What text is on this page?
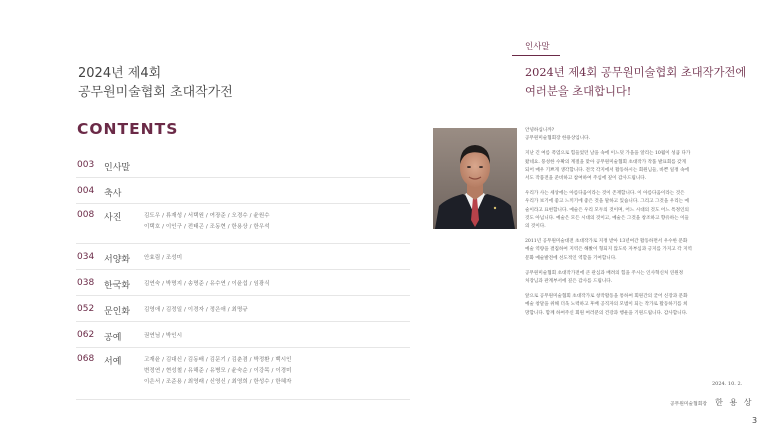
2024년 제4회
공무원미술협회 초대작가전
CONTENTS
003	인사말
004	축사
008	사진	김도우 / 류재성 / 서택원 / 여장준 / 오경수 / 윤원수
이택호 / 이인구 / 전태곤 / 조동현 / 한용상 / 한우석
034	서양화	안효림 / 조성미
038	한국화	김연숙 / 박명지 / 송명준 / 유수연 / 이윤섭 / 임광식
052	문인화	김영애 / 김정일 / 이경자 / 정은애 / 최명규
062	공예	권연님 / 박인시
068	서예	고재윤 / 김대신 / 김동배 / 김문기 / 김춘겸 / 박정환 / 백시인
변정연 / 현성철 / 유해준 / 유병모 / 윤숙순 / 이강목 / 이경미
이은서 / 조준용 / 최영래 / 신영신 / 최영희 / 한성수 / 한혜자
인사말
2024년 제4회 공무원미술협회 초대작가전에
여러분을 초대합니다!

안녕하십니까?
공무원미술협회장 한용상입니다.

지난 긴 여름 폭염으로 힘들었던 날을 속에 이느덧 가을을 알리는 10월이 성큼 다가
왔네요. 풍성한 수확의 계절을 맞아 공무원미술협회 초대작가 작품 발표회를 갖게
되어 매우 기쁘게 생각합니다. 전국 각지에서 활동하시는 회원님들, 바쁜 일정 속에
서도 작품전을 준비하고 참여하여 주심에 깊이 감사드립니다.

우리가 사는 세상에는 아름다움이라는 것이 존재합니다. 이 아름다움이라는 것은
우리가 보기에 좋고 느끼기에 좋은 것을 말하고 있습니다. 그리고 그것을 우리는 예
술이라고 표현합니다. 예술은 우리 모두의 것이며, 어느 시대의 것도 어느 특정인의
것도 아닙니다. 예술은 모든 시대의 것이고, 예술은 그것을 창조하고 향유하는 이들
의 것이다.

2011년 공무원미술대전 초대작가로 지정 받아 13년여간 활동하면서 우수한 문화
예술 역량을 결집하여 지역은 해봤이 형되지 않도록 자부심과 긍지를 가지고 각 지역
문화 예술발전에 선도적인 역할을 기여합니다.

공무원미술협회 초대작가전에 큰 관심과 배려의 힘을 주시는 인사혁신처 연원정
처장님과 관계부서에 깊은 감사를 드립니다.

앞으로 공무원미술협회 초대작가로 창작활동을 통하여 회원간의 굳어 신장과 문화
예술 창달을 위해 더욱 노력하고 후배 공직자의 모범이 되는 작가로 활동하기를 희
망합니다. 함께 하여주신 회원 여러분의 건강과 행운을 기원드립니다. 감사합니다.

2024. 10. 2.
공무원미술협회장 한 용 상
3
